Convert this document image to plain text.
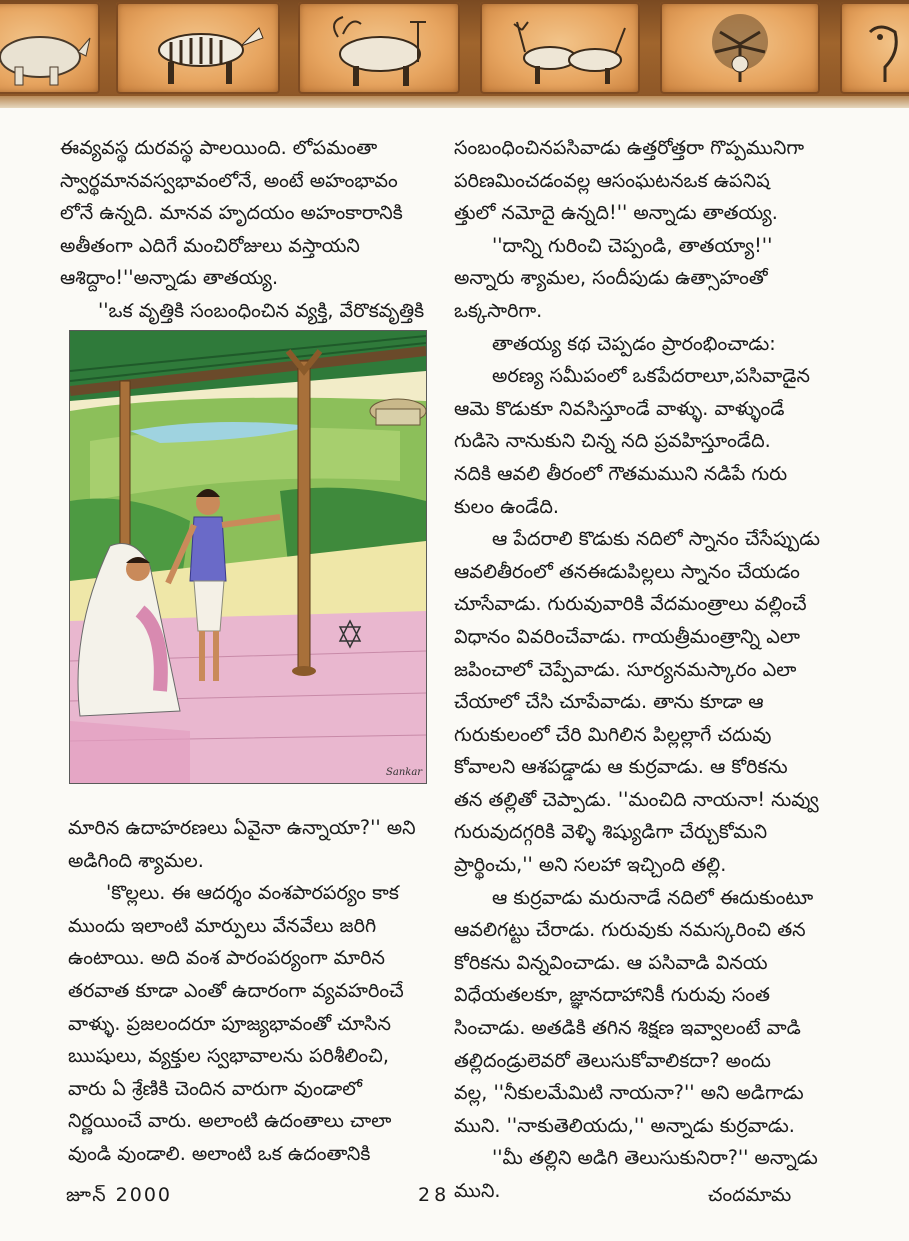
ఈవ్యవస్థ దురవస్థ పాలయింది. లోపమంతా

స్వార్థమానవస్వభావంలోనే, అంటే అహంభావం

లోనే ఉన్నది. మానవ హృదయం అహంకారానికి

అతీతంగా ఎదిగే మంచిరోజులు వస్తాయని

ఆశిద్దాం!''అన్నాడు తాతయ్య.

''ఒక వృత్తికి సంబంధించిన వ్యక్తి, వేరొకవృత్తికి

Sankar

మారిన ఉదాహరణలు ఏవైనా ఉన్నాయా?'' అని

అడిగింది శ్యామల.

'కొల్లలు. ఈ ఆదర్శం వంశపారపర్యం కాక

ముందు ఇలాంటి మార్పులు వేనవేలు జరిగి

ఉంటాయి. అది వంశ పారంపర్యంగా మారిన

తరవాత కూడా ఎంతో ఉదారంగా వ్యవహరించే

వాళ్ళు. ప్రజలందరూ పూజ్యభావంతో చూసిన

ఋషులు, వ్యక్తుల స్వభావాలను పరిశీలించి,

వారు ఏ శ్రేణికి చెందిన వారుగా వుండాలో

నిర్ణయించే వారు. అలాంటి ఉదంతాలు చాలా

వుండి వుండాలి. అలాంటి ఒక ఉదంతానికి

సంబంధించినపసివాడు ఉత్తరోత్తరా గొప్పమునిగా

పరిణమించడంవల్ల ఆసంఘటనఒక ఉపనిష

త్తులో నమోదై ఉన్నది!'' అన్నాడు తాతయ్య.

''దాన్ని గురించి చెప్పండి, తాతయ్యా!''

అన్నారు శ్యామల, సందీపుడు ఉత్సాహంతో

ఒక్కసారిగా.

తాతయ్య కథ చెప్పడం ప్రారంభించాడు:

అరణ్య సమీపంలో ఒకపేదరాలూ,పసివాడైన

ఆమె కొడుకూ నివసిస్తూండే వాళ్ళు. వాళ్ళుండే

గుడిసె నానుకుని చిన్న నది ప్రవహిస్తూండేది.

నదికి ఆవలి తీరంలో గౌతమముని నడిపే గురు

కులం ఉండేది.

ఆ పేదరాలి కొడుకు నదిలో స్నానం చేసేప్పుడు

ఆవలితీరంలో తనఈడుపిల్లలు స్నానం చేయడం

చూసేవాడు. గురువువారికి వేదమంత్రాలు వల్లించే

విధానం వివరించేవాడు. గాయత్రీమంత్రాన్ని ఎలా

జపించాలో చెప్పేవాడు. సూర్యనమస్కారం ఎలా

చేయాలో చేసి చూపేవాడు. తాను కూడా ఆ

గురుకులంలో చేరి మిగిలిన పిల్లల్లాగే చదువు

కోవాలని ఆశపడ్డాడు ఆ కుర్రవాడు. ఆ కోరికను

తన తల్లితో చెప్పాడు. ''మంచిది నాయనా! నువ్వు

గురువుదగ్గరికి వెళ్ళి శిష్యుడిగా చేర్చుకోమని

ప్రార్థించు,'' అని సలహా ఇచ్చింది తల్లి.

ఆ కుర్రవాడు మరునాడే నదిలో ఈదుకుంటూ

ఆవలిగట్టు చేరాడు. గురువుకు నమస్కరించి తన

కోరికను విన్నవించాడు. ఆ పసివాడి వినయ

విధేయతలకూ, జ్ఞానదాహానికీ గురువు సంత

సించాడు. అతడికి తగిన శిక్షణ ఇవ్వాలంటే వాడి

తల్లిదండ్రులెవరో తెలుసుకోవాలికదా? అందు

వల్ల, ''నీకులమేమిటి నాయనా?'' అని అడిగాడు

ముని. ''నాకుతెలియదు,'' అన్నాడు కుర్రవాడు.

''మీ తల్లిని అడిగి తెలుసుకునిరా?'' అన్నాడు

ముని.

జూన్ 2000	28	చందమామ
